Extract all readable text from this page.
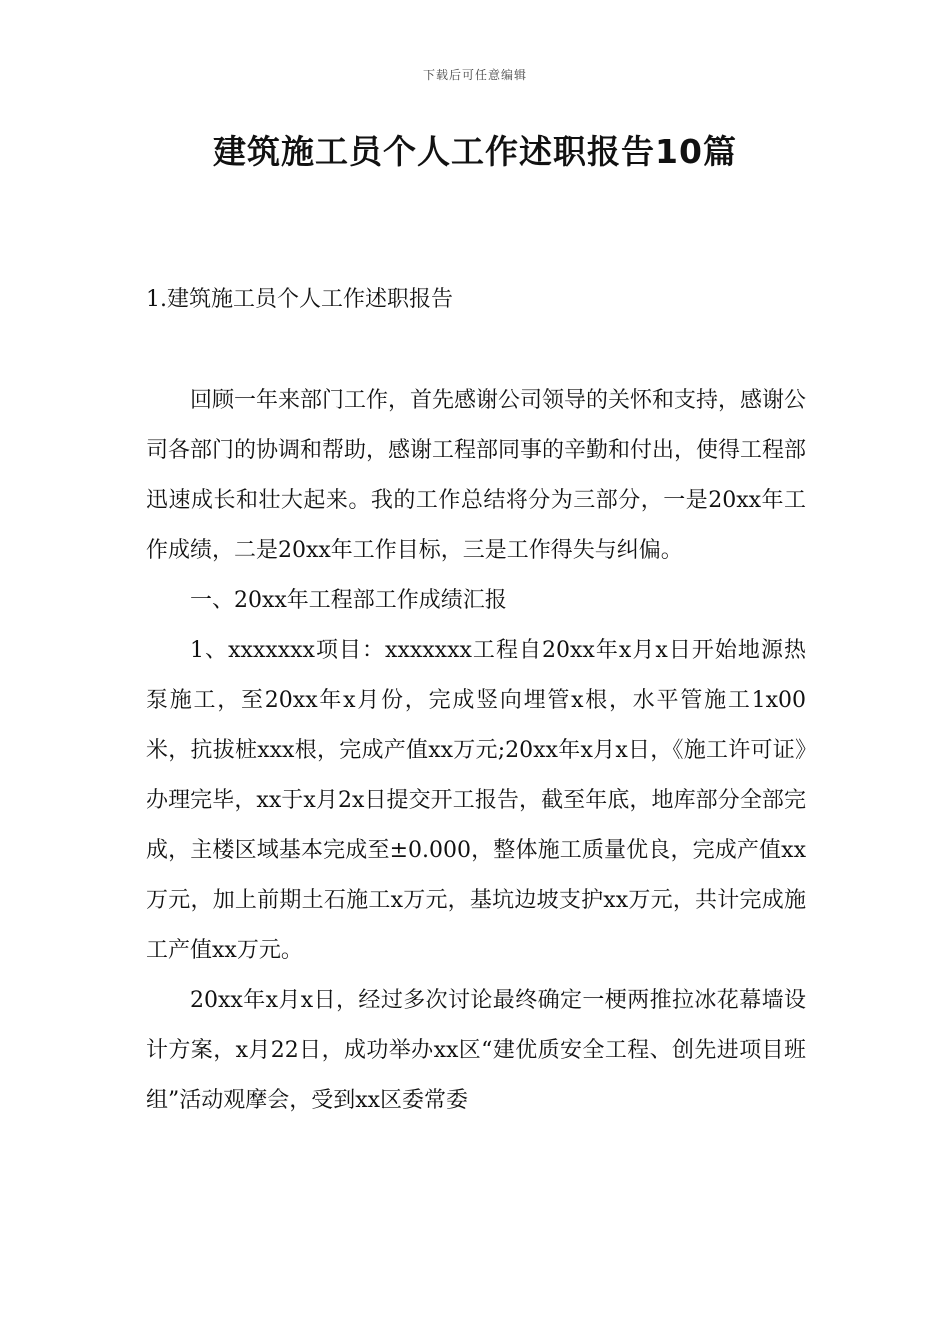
下载后可任意编辑
建筑施工员个人工作述职报告10篇
1.建筑施工员个人工作述职报告

回顾一年来部门工作，首先感谢公司领导的关怀和支持，感谢公司各部门的协调和帮助，感谢工程部同事的辛勤和付出，使得工程部迅速成长和壮大起来。我的工作总结将分为三部分，一是20xx年工作成绩，二是20xx年工作目标，三是工作得失与纠偏。

一、20xx年工程部工作成绩汇报

1、xxxxxxx项目：xxxxxxx工程自20xx年x月x日开始地源热泵施工，至20xx年x月份，完成竖向埋管x根，水平管施工1x00米，抗拔桩xxx根，完成产值xx万元;20xx年x月x日，《施工许可证》办理完毕，xx于x月2x日提交开工报告，截至年底，地库部分全部完成，主楼区域基本完成至±0.000，整体施工质量优良，完成产值xx万元，加上前期土石施工x万元，基坑边坡支护xx万元，共计完成施工产值xx万元。

20xx年x月x日，经过多次讨论最终确定一梗两推拉冰花幕墙设计方案，x月22日，成功举办xx区“建优质安全工程、创先进项目班组”活动观摩会，受到xx区委常委
